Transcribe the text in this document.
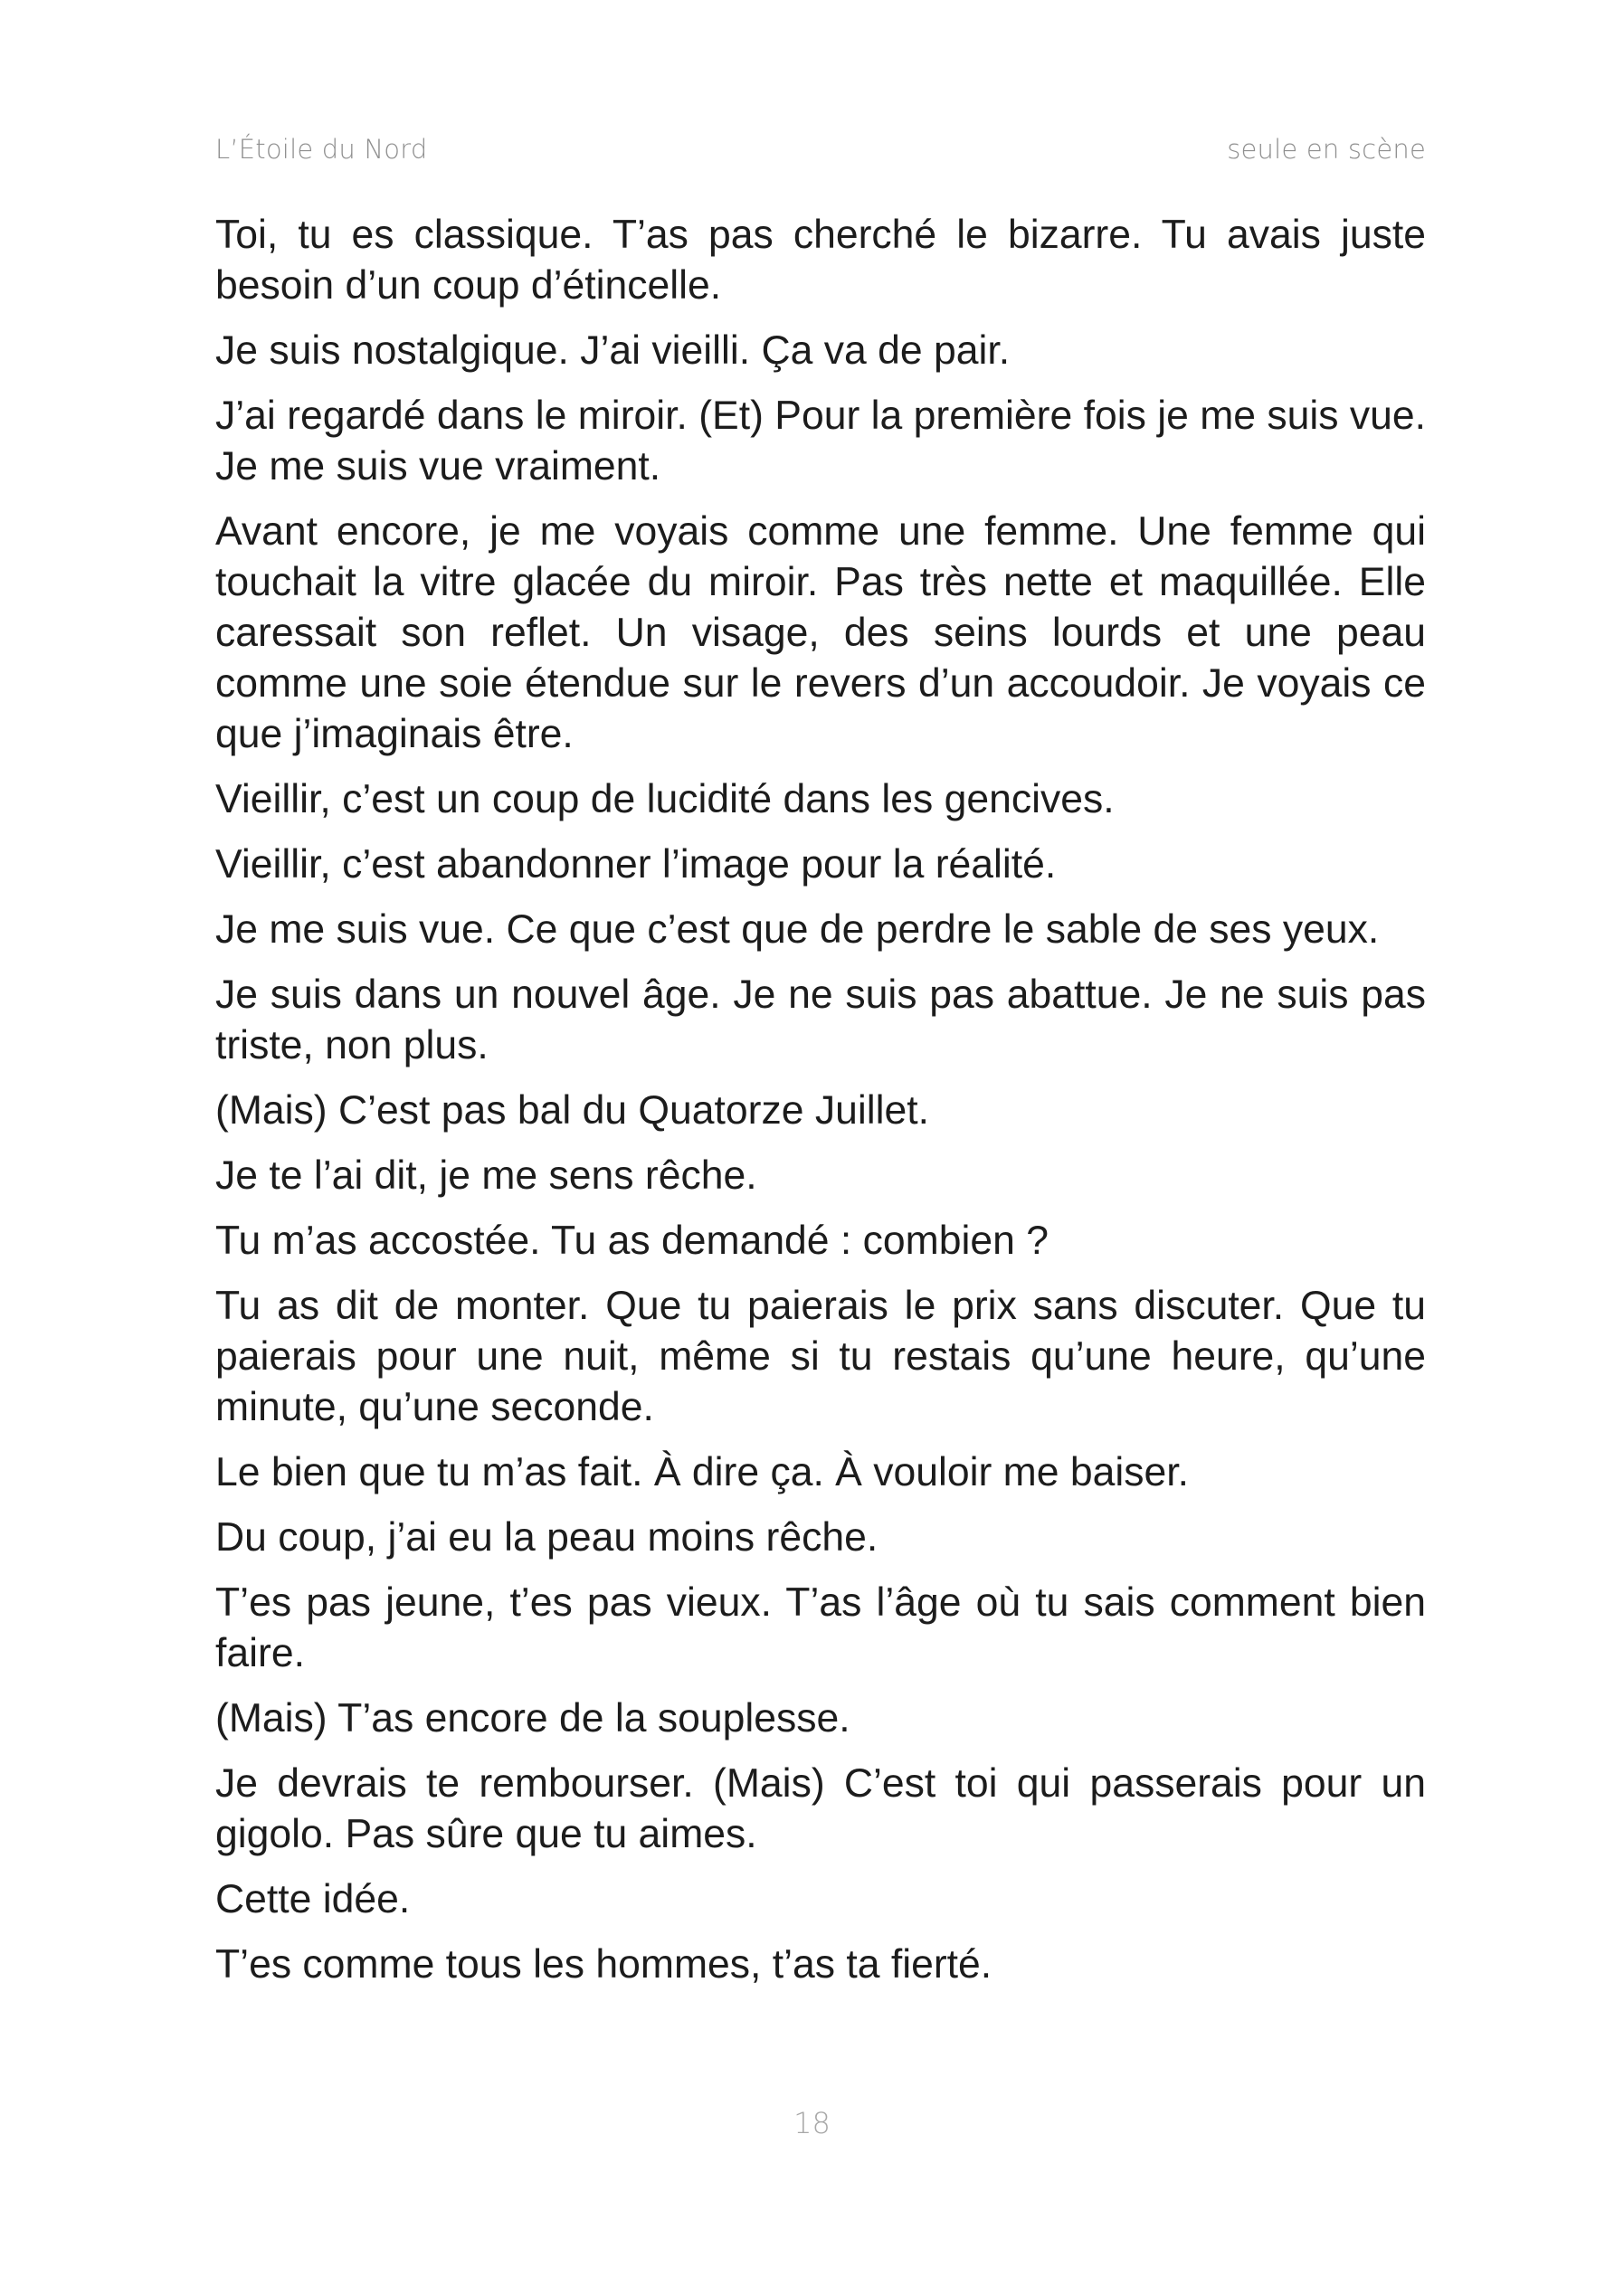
L’Étoile du Nord	seule en scène

Toi, tu es classique. T’as pas cherché le bizarre. Tu avais juste besoin d’un coup d’étincelle.

Je suis nostalgique. J’ai vieilli. Ça va de pair.

J’ai regardé dans le miroir. (Et) Pour la première fois je me suis vue. Je me suis vue vraiment.

Avant encore, je me voyais comme une femme. Une femme qui touchait la vitre glacée du miroir. Pas très nette et maquillée. Elle caressait son reflet. Un visage, des seins lourds et une peau comme une soie étendue sur le revers d’un accoudoir. Je voyais ce que j’imaginais être.

Vieillir, c’est un coup de lucidité dans les gencives.

Vieillir, c’est abandonner l’image pour la réalité.

Je me suis vue. Ce que c’est que de perdre le sable de ses yeux.

Je suis dans un nouvel âge. Je ne suis pas abattue. Je ne suis pas triste, non plus.

(Mais) C’est pas bal du Quatorze Juillet.

Je te l’ai dit, je me sens rêche.

Tu m’as accostée. Tu as demandé : combien ?

Tu as dit de monter. Que tu paierais le prix sans discuter. Que tu paierais pour une nuit, même si tu restais qu’une heure, qu’une minute, qu’une seconde.

Le bien que tu m’as fait. À dire ça. À vouloir me baiser.

Du coup, j’ai eu la peau moins rêche.

T’es pas jeune, t’es pas vieux. T’as l’âge où tu sais comment bien faire.

(Mais) T’as encore de la souplesse.

Je devrais te rembourser. (Mais) C’est toi qui passerais pour un gigolo. Pas sûre que tu aimes.

Cette idée.

T’es comme tous les hommes, t’as ta fierté.

18
